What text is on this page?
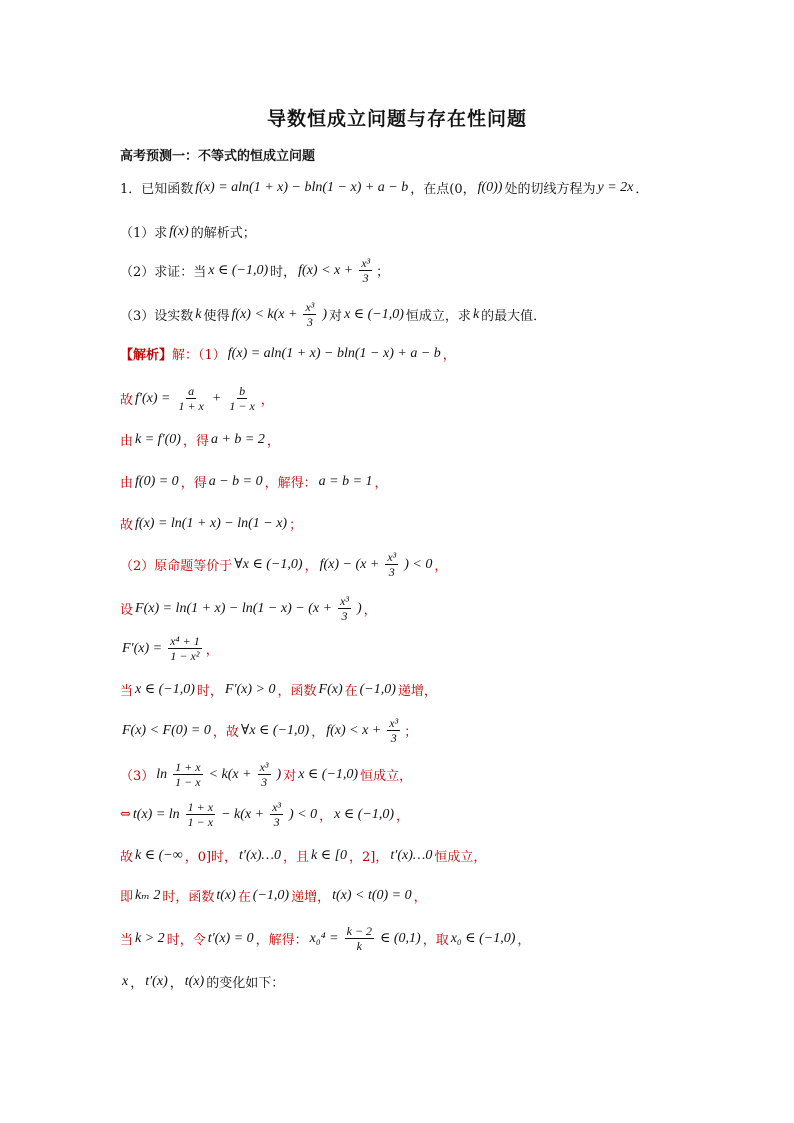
导数恒成立问题与存在性问题
高考预测一：不等式的恒成立问题
1．已知函数 f(x) = aln(1 + x) − bln(1 − x) + a − b ，在点(0， f(0)) 处的切线方程为 y = 2x ．
（1）求 f(x) 的解析式；
（2）求证：当 x ∈ (−1,0) 时， $f(x) < x + \frac{\text{x³}}{3}$ ；
（3）设实数 k 使得 $f(x) < k(x + \frac{\text{x³}}{3}$ ) 对 x ∈ (−1,0) 恒成立，求 k 的最大值．
【解析】 解：（1） f(x) = aln(1 + x) − bln(1 − x) + a − b ，
故 $f'(x) = \frac{a}{1 + x} + \frac{b}{1 - x}$ ，
由 k = f′(0) ，得 a + b = 2 ，
由 f(0) = 0 ，得 a − b = 0 ，解得： a = b = 1 ，
故 f(x) = ln(1 + x) − ln(1 − x) ；
（2）原命题等价于 ∀x ∈ (−1,0) ， $f(x) - (x + \frac{\text{x³}}{3}$ ) < 0 ，
设 $F(x) = \ln(1 + x) - \ln(1 - x) - (x + \frac{\text{x³}}{3}$ ) ，
$F'(x) = \frac{\text{x⁴ + 1}}{\text{1 − x²}}$ ，
当 x ∈ (−1,0) 时， F′(x) > 0 ，函数 F(x) 在 (−1,0) 递增，
F(x) < F(0) = 0 ，故 ∀x ∈ (−1,0) ， $f(x) < x + \frac{\text{x³}}{3}$ ；
（3） $\ln \frac{1 + x}{1 - x} < k(x + \frac{\text{x³}}{3}$ ) 对 x ∈ (−1,0) 恒成立，
⇔ $t(x) = \ln \frac{1 + x}{1 - x} - k(x + \frac{\text{x³}}{3}$ ) < 0 ， x ∈ (−1,0) ，
故 k ∈ (−∞ ，0]时， t′(x)…0 ，且 k ∈ [0 ，2]， t′(x)…0 恒成立，
即 kₘ 2 时，函数 t(x) 在 (−1,0) 递增， t(x) < t(0) = 0 ，
当 k > 2 时，令 t′(x) = 0 ，解得： $x_0^4 = \frac{k - 2}{k}$ ∈ (0,1) ，取 x₀ ∈ (−1,0) ，
x ， t′(x) ， t(x) 的变化如下：
